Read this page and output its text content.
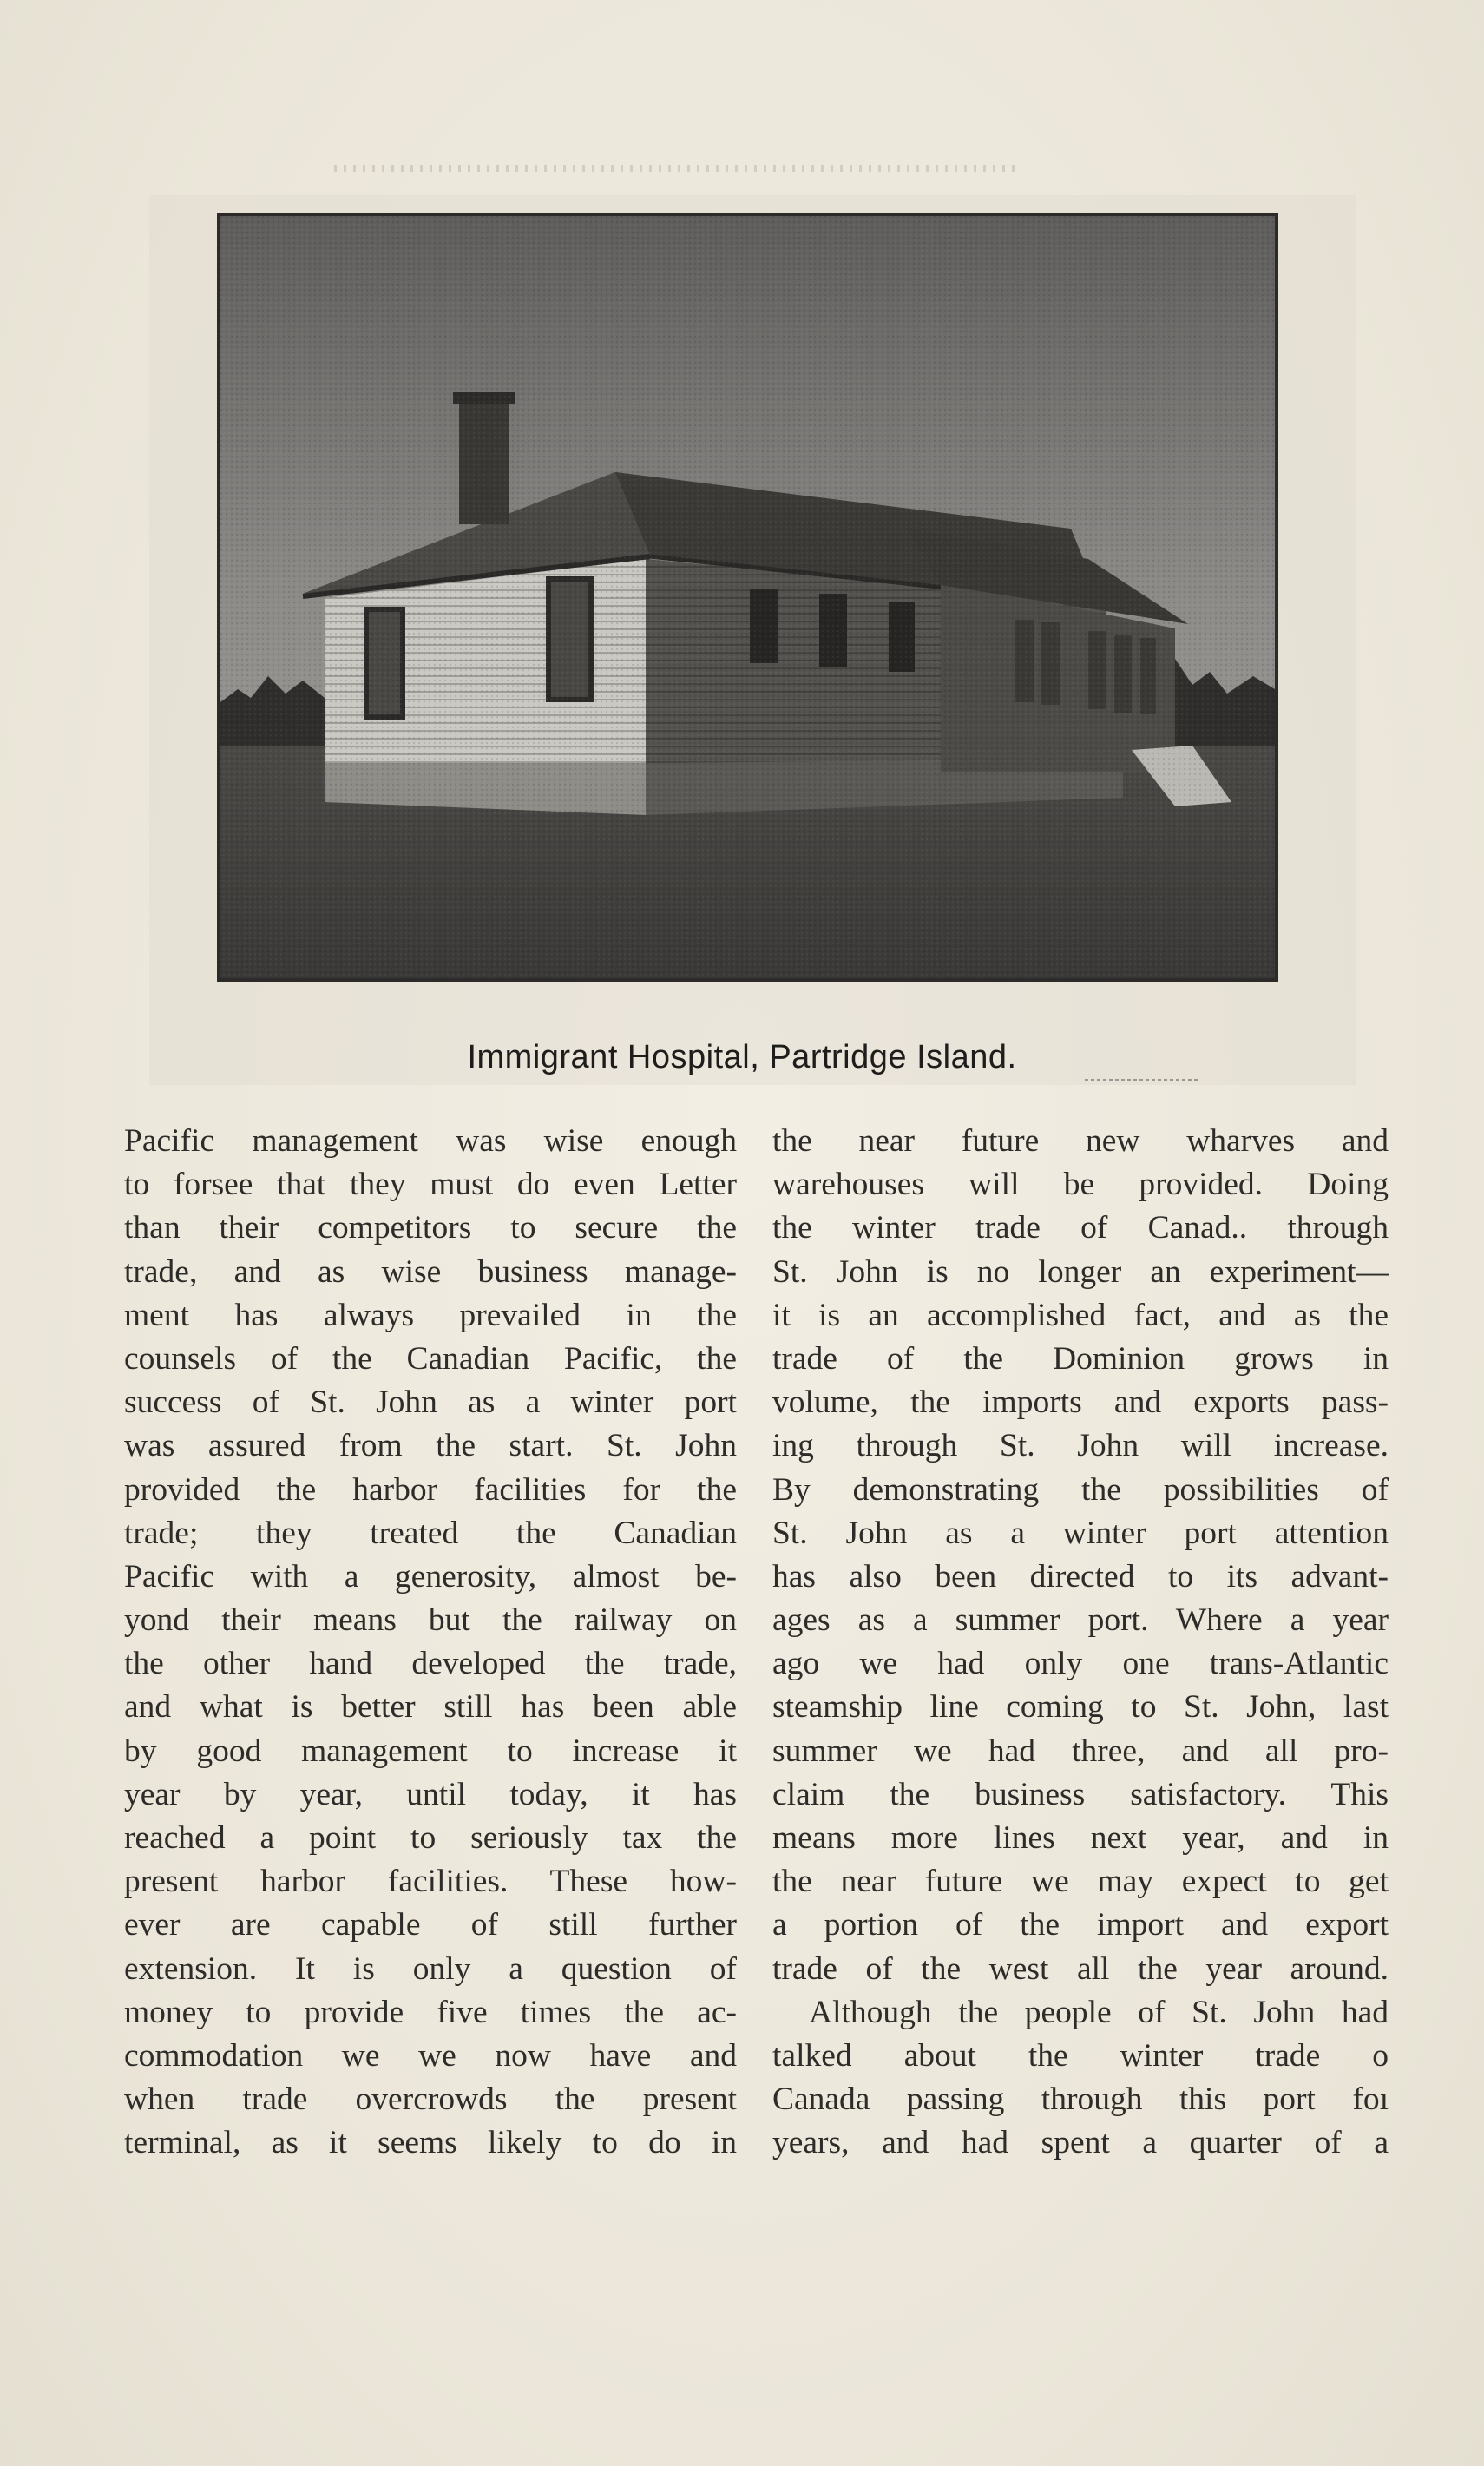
Immigrant Hospital, Partridge Island.
Pacific management was wise enough
to forsee that they must do even Letter
than their competitors to secure the
trade, and as wise business manage-
ment has always prevailed in the
counsels of the Canadian Pacific, the
success of St. John as a winter port
was assured from the start. St. John
provided the harbor facilities for the
trade; they treated the Canadian
Pacific with a generosity, almost be-
yond their means but the railway on
the other hand developed the trade,
and what is better still has been able
by good management to increase it
year by year, until today, it has
reached a point to seriously tax the
present harbor facilities. These how-
ever are capable of still further
extension. It is only a question of
money to provide five times the ac-
commodation we we now have and
when trade overcrowds the present
terminal, as it seems likely to do in
the near future new wharves and
warehouses will be provided. Doing
the winter trade of Canad.. through
St. John is no longer an experiment—
it is an accomplished fact, and as the
trade of the Dominion grows in
volume, the imports and exports pass-
ing through St. John will increase.
By demonstrating the possibilities of
St. John as a winter port attention
has also been directed to its advant-
ages as a summer port. Where a year
ago we had only one trans-Atlantic
steamship line coming to St. John, last
summer we had three, and all pro-
claim the business satisfactory. This
means more lines next year, and in
the near future we may expect to get
a portion of the import and export
trade of the west all the year around.
Although the people of St. John had
talked about the winter trade o
Canada passing through this port foı
years, and had spent a quarter of a
